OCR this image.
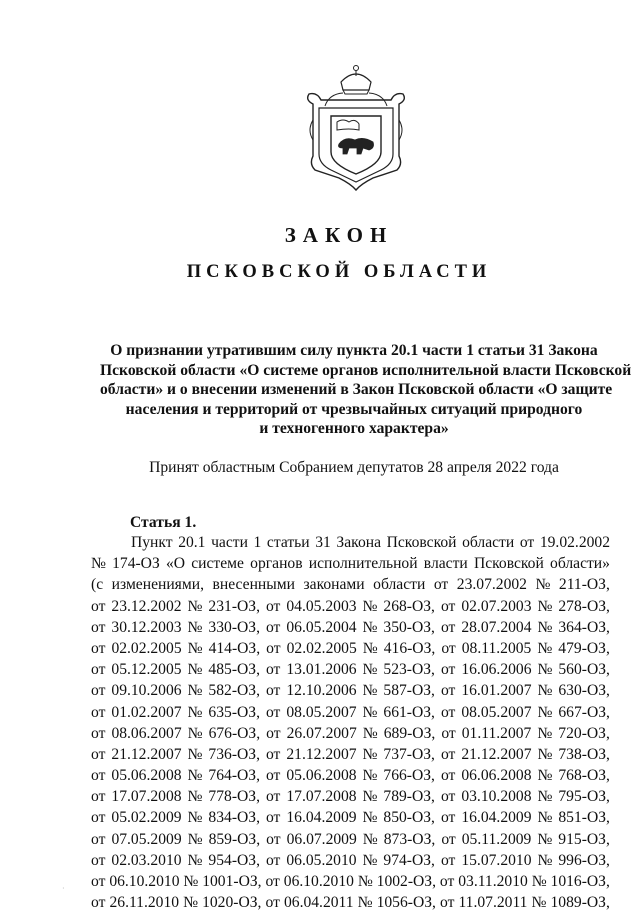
ЗАКОН
ПСКОВСКОЙ ОБЛАСТИ
О признании утратившим силу пункта 20.1 части 1 статьи 31 Закона
Псковской области «О системе органов исполнительной власти Псковской
области» и о внесении изменений в Закон Псковской области «О защите
населения и территорий от чрезвычайных ситуаций природного
и техногенного характера»
Принят областным Собранием депутатов 28 апреля 2022 года
Статья 1.
Пункт 20.1 части 1 статьи 31 Закона Псковской области от 19.02.2002
№ 174-ОЗ «О системе органов исполнительной власти Псковской области»
(с изменениями, внесенными законами области от 23.07.2002 № 211-ОЗ,
от 23.12.2002 № 231-ОЗ, от 04.05.2003 № 268-ОЗ, от 02.07.2003 № 278-ОЗ,
от 30.12.2003 № 330-ОЗ, от 06.05.2004 № 350-ОЗ, от 28.07.2004 № 364-ОЗ,
от 02.02.2005 № 414-ОЗ, от 02.02.2005 № 416-ОЗ, от 08.11.2005 № 479-ОЗ,
от 05.12.2005 № 485-ОЗ, от 13.01.2006 № 523-ОЗ, от 16.06.2006 № 560-ОЗ,
от 09.10.2006 № 582-ОЗ, от 12.10.2006 № 587-ОЗ, от 16.01.2007 № 630-ОЗ,
от 01.02.2007 № 635-ОЗ, от 08.05.2007 № 661-ОЗ, от 08.05.2007 № 667-ОЗ,
от 08.06.2007 № 676-ОЗ, от 26.07.2007 № 689-ОЗ, от 01.11.2007 № 720-ОЗ,
от 21.12.2007 № 736-ОЗ, от 21.12.2007 № 737-ОЗ, от 21.12.2007 № 738-ОЗ,
от 05.06.2008 № 764-ОЗ, от 05.06.2008 № 766-ОЗ, от 06.06.2008 № 768-ОЗ,
от 17.07.2008 № 778-ОЗ, от 17.07.2008 № 789-ОЗ, от 03.10.2008 № 795-ОЗ,
от 05.02.2009 № 834-ОЗ, от 16.04.2009 № 850-ОЗ, от 16.04.2009 № 851-ОЗ,
от 07.05.2009 № 859-ОЗ, от 06.07.2009 № 873-ОЗ, от 05.11.2009 № 915-ОЗ,
от 02.03.2010 № 954-ОЗ, от 06.05.2010 № 974-ОЗ, от 15.07.2010 № 996-ОЗ,
от 06.10.2010 № 1001-ОЗ, от 06.10.2010 № 1002-ОЗ, от 03.11.2010 № 1016-ОЗ,
от 26.11.2010 № 1020-ОЗ, от 06.04.2011 № 1056-ОЗ, от 11.07.2011 № 1089-ОЗ,
·
